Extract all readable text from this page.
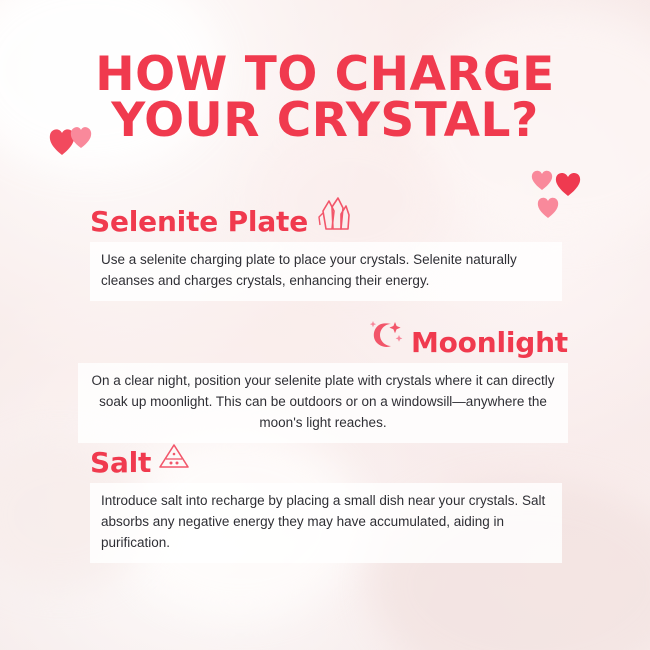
HOW TO CHARGE
YOUR CRYSTAL?
Selenite Plate
Use a selenite charging plate to place your crystals. Selenite naturally cleanses and charges crystals, enhancing their energy.
Moonlight
On a clear night, position your selenite plate with crystals where it can directly soak up moonlight. This can be outdoors or on a windowsill—anywhere the moon's light reaches.
Salt
Introduce salt into recharge by placing a small dish near your crystals. Salt absorbs any negative energy they may have accumulated, aiding in purification.
